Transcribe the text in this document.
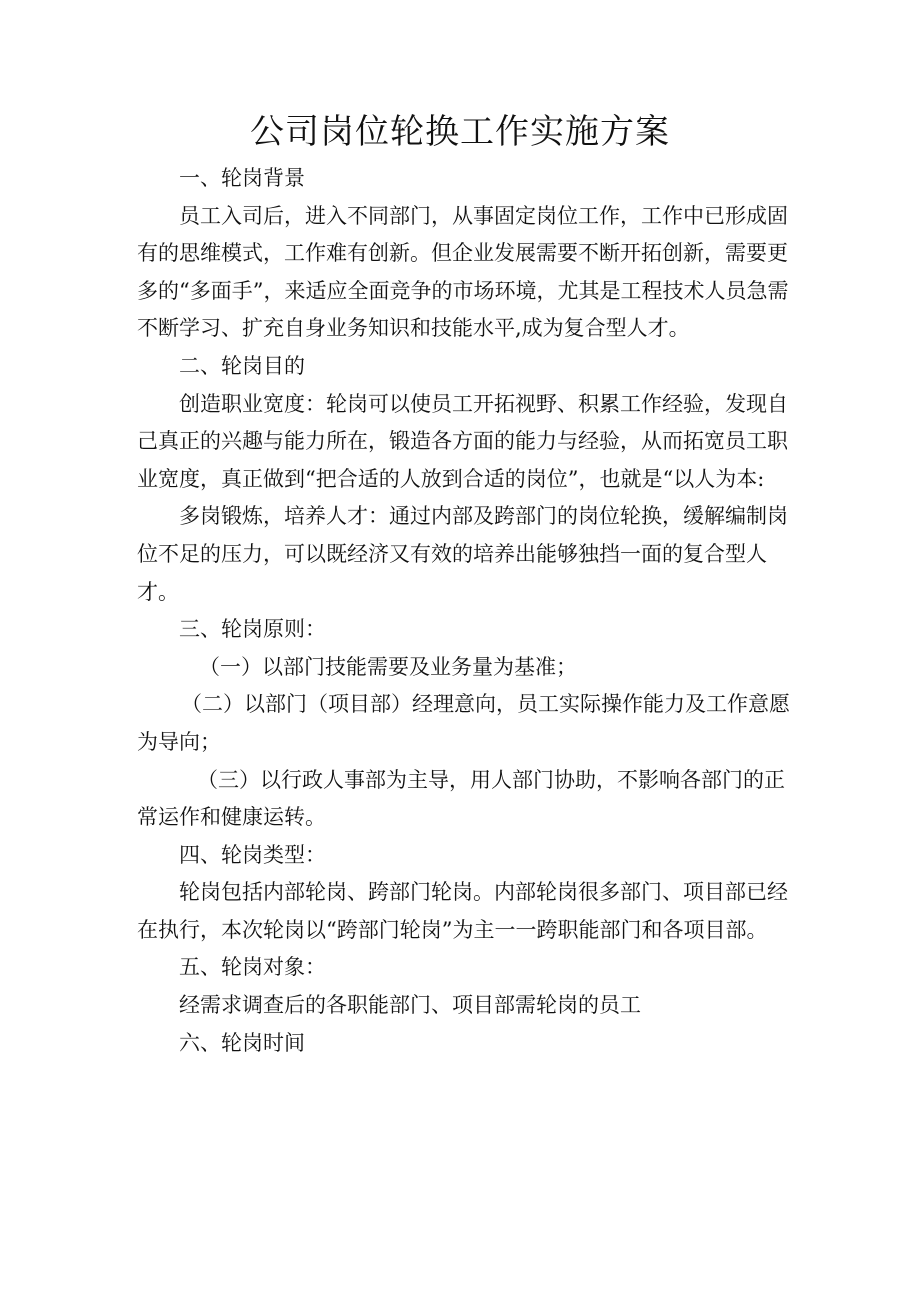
公司岗位轮换工作实施方案

一、轮岗背景

员工入司后，进入不同部门，从事固定岗位工作，工作中已形成固有的思维模式，工作难有创新。但企业发展需要不断开拓创新，需要更多的“多面手”，来适应全面竞争的市场环境，尤其是工程技术人员急需不断学习、扩充自身业务知识和技能水平,成为复合型人才。

二、轮岗目的

创造职业宽度：轮岗可以使员工开拓视野、积累工作经验，发现自己真正的兴趣与能力所在，锻造各方面的能力与经验，从而拓宽员工职业宽度，真正做到“把合适的人放到合适的岗位”，也就是“以人为本:

多岗锻炼，培养人才：通过内部及跨部门的岗位轮换，缓解编制岗位不足的压力，可以既经济又有效的培养出能够独挡一面的复合型人才。

三、轮岗原则：

（一）以部门技能需要及业务量为基准；

（二）以部门（项目部）经理意向，员工实际操作能力及工作意愿为导向；

（三）以行政人事部为主导，用人部门协助，不影响各部门的正常运作和健康运转。

四、轮岗类型：

轮岗包括内部轮岗、跨部门轮岗。内部轮岗很多部门、项目部已经在执行，本次轮岗以“跨部门轮岗”为主一一跨职能部门和各项目部。

五、轮岗对象：

经需求调查后的各职能部门、项目部需轮岗的员工

六、轮岗时间
